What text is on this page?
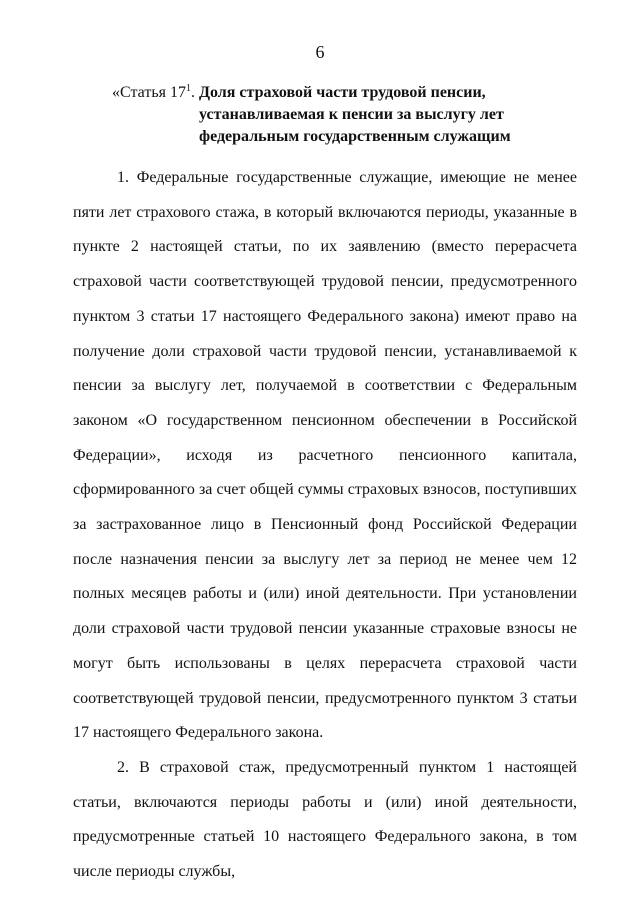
6
«Статья $17^1$. Доля страховой части трудовой пенсии,
устанавливаемая к пенсии за выслугу лет
федеральным государственным служащим

1. Федеральные государственные служащие, имеющие не менее пяти лет страхового стажа, в который включаются периоды, указанные в пункте 2 настоящей статьи, по их заявлению (вместо перерасчета страховой части соответствующей трудовой пенсии, предусмотренного пунктом 3 статьи 17 настоящего Федерального закона) имеют право на получение доли страховой части трудовой пенсии, устанавливаемой к пенсии за выслугу лет, получаемой в соответствии с Федеральным законом «О государственном пенсионном обеспечении в Российской Федерации», исходя из расчетного пенсионного капитала, сформированного за счет общей суммы страховых взносов, поступивших за застрахованное лицо в Пенсионный фонд Российской Федерации после назначения пенсии за выслугу лет за период не менее чем 12 полных месяцев работы и (или) иной деятельности. При установлении доли страховой части трудовой пенсии указанные страховые взносы не могут быть использованы в целях перерасчета страховой части соответствующей трудовой пенсии, предусмотренного пунктом 3 статьи 17 настоящего Федерального закона.

2. В страховой стаж, предусмотренный пунктом 1 настоящей статьи, включаются периоды работы и (или) иной деятельности, предусмотренные статьей 10 настоящего Федерального закона, в том числе периоды службы,
